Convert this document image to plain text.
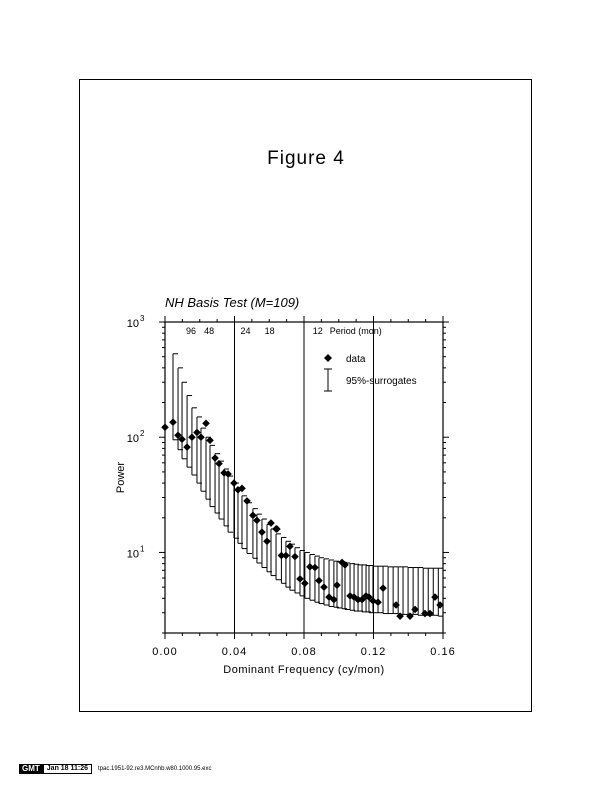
Figure 4
NH Basis Test (M=109)
0.00	0.04	0.08	0.12	0.16
Dominant Frequency (cy/mon)
10 1
10 2
10 3
Power
96 48	24 18	12 Period (mon)
data
95%-surrogates
GMT	Jan 18 11:26	tpac.1951-92.re3.MCnhb.w80.1000.95.exc
